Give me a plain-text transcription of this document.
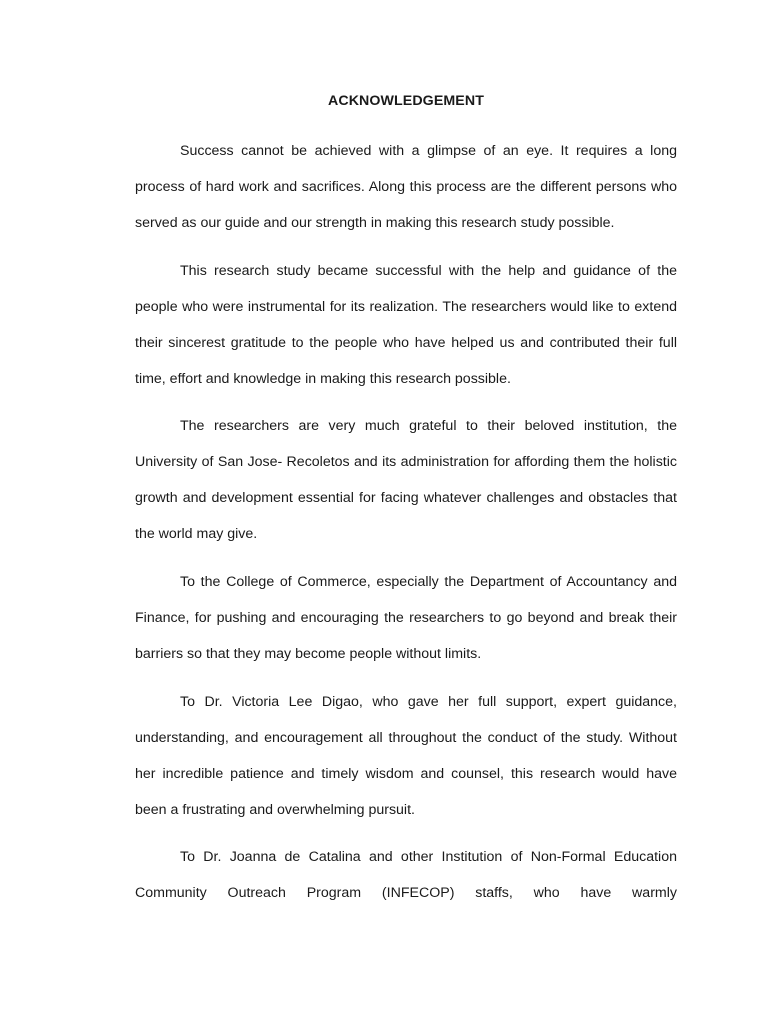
ACKNOWLEDGEMENT

Success cannot be achieved with a glimpse of an eye. It requires a long process of hard work and sacrifices. Along this process are the different persons who served as our guide and our strength in making this research study possible.

This research study became successful with the help and guidance of the people who were instrumental for its realization. The researchers would like to extend their sincerest gratitude to the people who have helped us and contributed their full time, effort and knowledge in making this research possible.

The researchers are very much grateful to their beloved institution, the University of San Jose- Recoletos and its administration for affording them the holistic growth and development essential for facing whatever challenges and obstacles that the world may give.

To the College of Commerce, especially the Department of Accountancy and Finance, for pushing and encouraging the researchers to go beyond and break their barriers so that they may become people without limits.

To Dr. Victoria Lee Digao, who gave her full support, expert guidance, understanding, and encouragement all throughout the conduct of the study. Without her incredible patience and timely wisdom and counsel, this research would have been a frustrating and overwhelming pursuit.

To Dr. Joanna de Catalina and other Institution of Non-Formal Education Community Outreach Program (INFECOP) staffs, who have warmly
